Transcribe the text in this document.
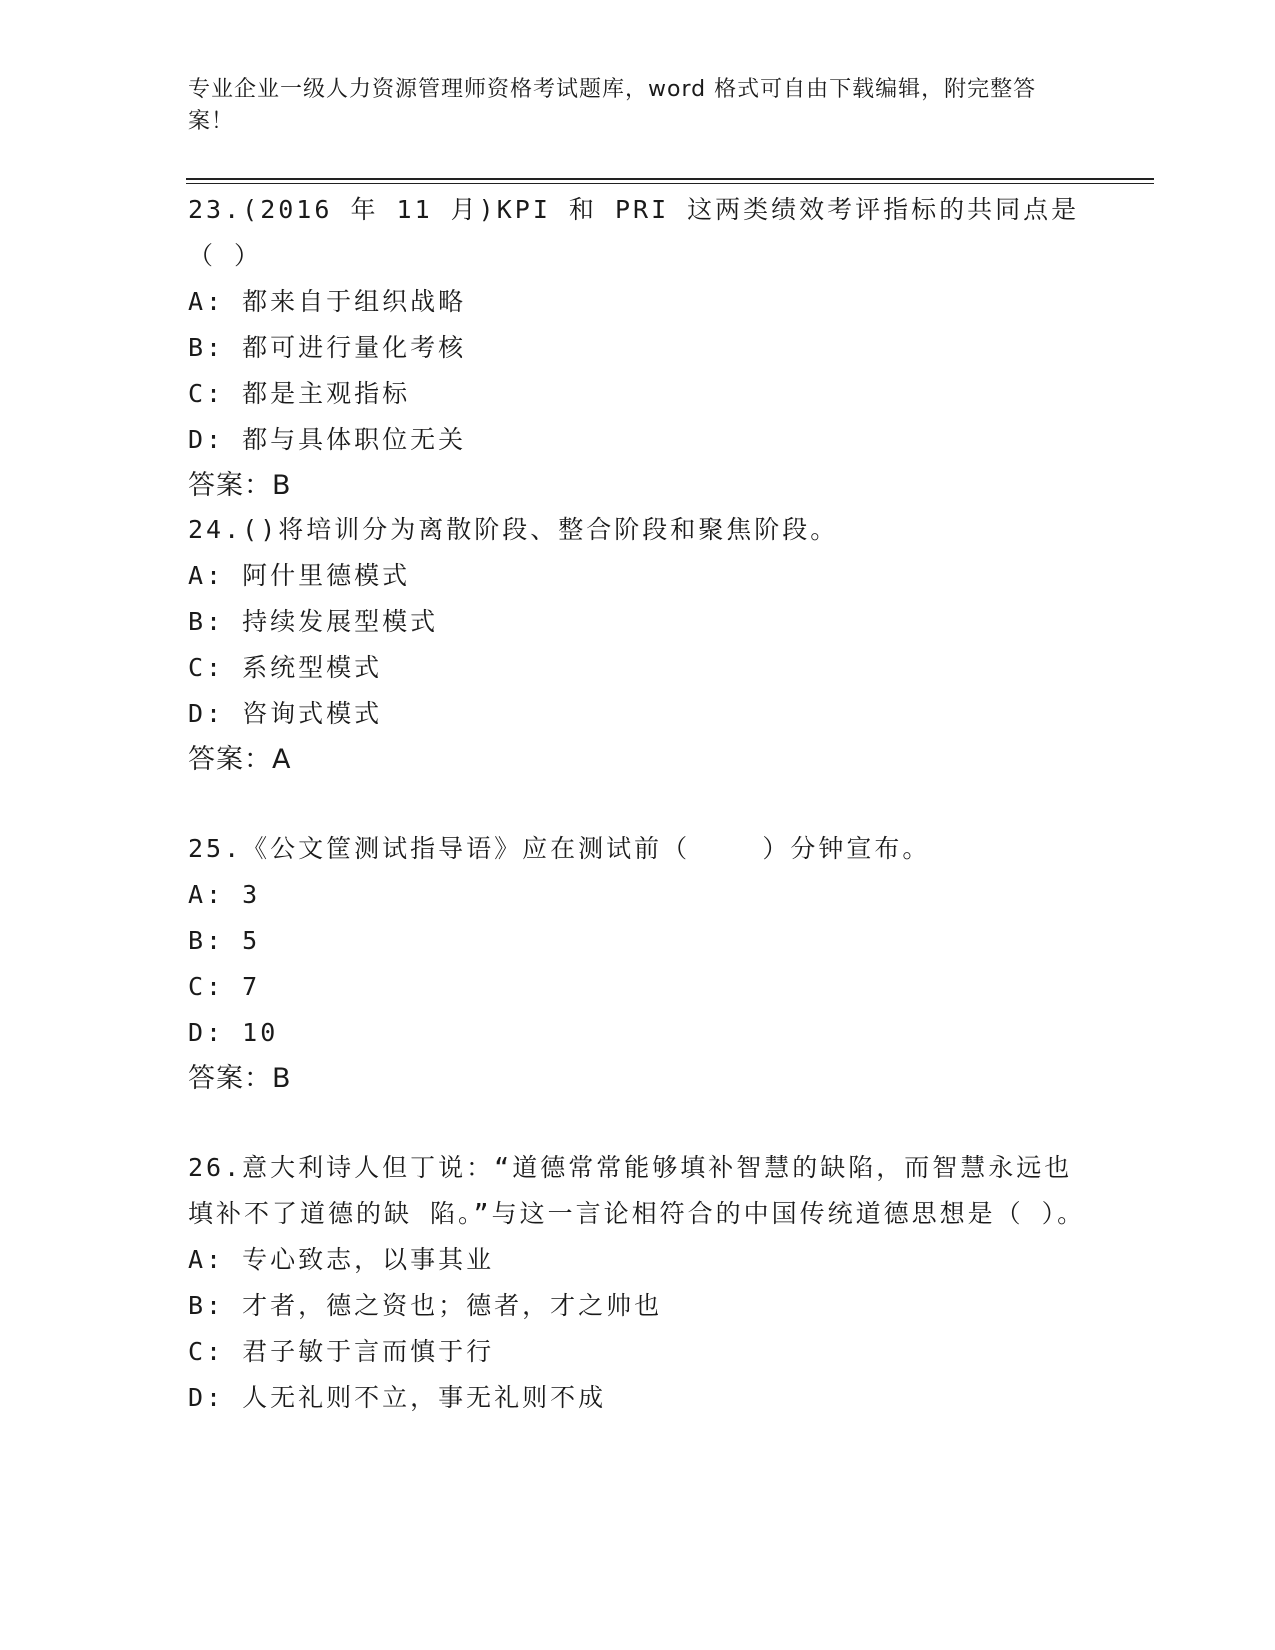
专业企业一级人力资源管理师资格考试题库，word 格式可自由下载编辑，附完整答案！
23.(2016 年 11 月)KPI 和 PRI 这两类绩效考评指标的共同点是（ ）
A: 都来自于组织战略
B: 都可进行量化考核
C: 都是主观指标
D: 都与具体职位无关
答案：B
24.()将培训分为离散阶段、整合阶段和聚焦阶段。
A: 阿什里德模式
B: 持续发展型模式
C: 系统型模式
D: 咨询式模式
答案：A
25.《公文筐测试指导语》应在测试前（    ）分钟宣布。
A: 3
B: 5
C: 7
D: 10
答案：B
26.意大利诗人但丁说：“道德常常能够填补智慧的缺陷，而智慧永远也填补不了道德的缺 陷。”与这一言论相符合的中国传统道德思想是（ ）。
A: 专心致志，以事其业
B: 才者，德之资也；德者，才之帅也
C: 君子敏于言而慎于行
D: 人无礼则不立，事无礼则不成
